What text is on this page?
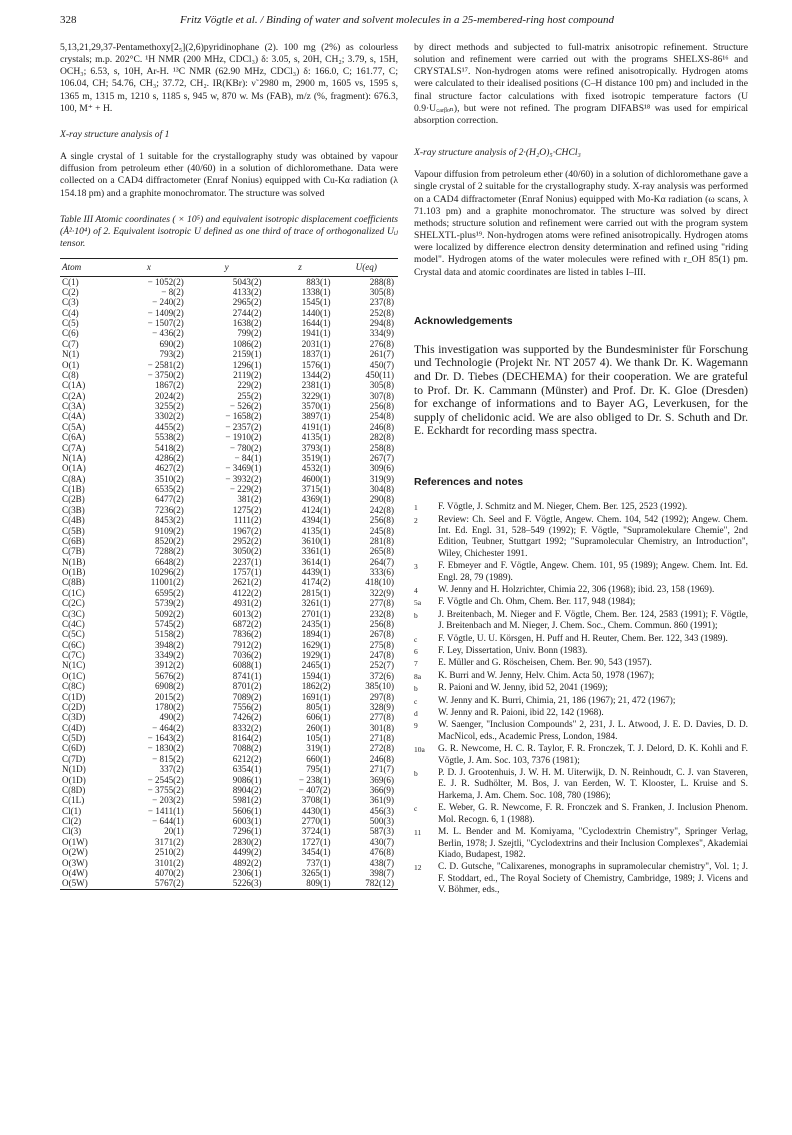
328	Fritz Vögtle et al. / Binding of water and solvent molecules in a 25-membered-ring host compound

5,13,21,29,37-Pentamethoxy[2₅](2,6)pyridinophane (2). 100 mg (2%) as colourless crystals; m.p. 202°C. ¹H NMR (200 MHz, CDCl₃) δ: 3.05, s, 20H, CH₂; 3.79, s, 15H, OCH₃; 6.53, s, 10H, Ar-H. ¹³C NMR (62.90 MHz, CDCl₃) δ: 166.0, C; 161.77, C; 106.04, CH; 54.76, CH₃; 37.72, CH₂. IR(KBr): ν̃ 2980 m, 2900 m, 1605 vs, 1595 s, 1365 m, 1315 m, 1210 s, 1185 s, 945 w, 870 w. Ms (FAB), m/z (%, fragment): 676.3, 100, M⁺ + H.

X-ray structure analysis of 1

A single crystal of 1 suitable for the crystallography study was obtained by vapour diffusion from petroleum ether (40/60) in a solution of dichloromethane. Data were collected on a CAD4 diffractometer (Enraf Nonius) equipped with Cu-Kα radiation (λ 154.18 pm) and a graphite monochromator. The structure was solved

Table III Atomic coordinates ( × 10⁵) and equivalent isotropic displacement coefficients (Å²·10⁴) of 2. Equivalent isotropic U defined as one third of trace of orthogonalized Uᵢⱼ tensor.

Atom	x	y	z	U(eq)
C(1)	− 1052(2)	5043(2)	883(1)	288(8)
C(2)	− 8(2)	4133(2)	1338(1)	305(8)
C(3)	− 240(2)	2965(2)	1545(1)	237(8)
C(4)	− 1409(2)	2744(2)	1440(1)	252(8)
C(5)	− 1507(2)	1638(2)	1644(1)	294(8)
C(6)	− 436(2)	799(2)	1941(1)	334(9)
C(7)	690(2)	1086(2)	2031(1)	276(8)
N(1)	793(2)	2159(1)	1837(1)	261(7)
O(1)	− 2581(2)	1296(1)	1576(1)	450(7)
C(8)	− 3750(2)	2119(2)	1344(2)	450(11)
C(1A)	1867(2)	229(2)	2381(1)	305(8)
C(2A)	2024(2)	255(2)	3229(1)	307(8)
C(3A)	3255(2)	− 526(2)	3570(1)	256(8)
C(4A)	3302(2)	− 1658(2)	3897(1)	254(8)
C(5A)	4455(2)	− 2357(2)	4191(1)	246(8)
C(6A)	5538(2)	− 1910(2)	4135(1)	282(8)
C(7A)	5418(2)	− 780(2)	3793(1)	258(8)
N(1A)	4286(2)	− 84(1)	3519(1)	267(7)
O(1A)	4627(2)	− 3469(1)	4532(1)	309(6)
C(8A)	3510(2)	− 3932(2)	4600(1)	319(9)
C(1B)	6535(2)	− 229(2)	3715(1)	304(8)
C(2B)	6477(2)	381(2)	4369(1)	290(8)
C(3B)	7236(2)	1275(2)	4124(1)	242(8)
C(4B)	8453(2)	1111(2)	4394(1)	256(8)
C(5B)	9109(2)	1967(2)	4135(1)	245(8)
C(6B)	8520(2)	2952(2)	3610(1)	281(8)
C(7B)	7288(2)	3050(2)	3361(1)	265(8)
N(1B)	6648(2)	2237(1)	3614(1)	264(7)
O(1B)	10296(2)	1757(1)	4439(1)	333(6)
C(8B)	11001(2)	2621(2)	4174(2)	418(10)
C(1C)	6595(2)	4122(2)	2815(1)	322(9)
C(2C)	5739(2)	4931(2)	3261(1)	277(8)
C(3C)	5092(2)	6013(2)	2701(1)	232(8)
C(4C)	5745(2)	6872(2)	2435(1)	256(8)
C(5C)	5158(2)	7836(2)	1894(1)	267(8)
C(6C)	3948(2)	7912(2)	1629(1)	275(8)
C(7C)	3349(2)	7036(2)	1929(1)	247(8)
N(1C)	3912(2)	6088(1)	2465(1)	252(7)
O(1C)	5676(2)	8741(1)	1594(1)	372(6)
C(8C)	6908(2)	8701(2)	1862(2)	385(10)
C(1D)	2015(2)	7089(2)	1691(1)	297(8)
C(2D)	1780(2)	7556(2)	805(1)	328(9)
C(3D)	490(2)	7426(2)	606(1)	277(8)
C(4D)	− 464(2)	8332(2)	260(1)	301(8)
C(5D)	− 1643(2)	8164(2)	105(1)	271(8)
C(6D)	− 1830(2)	7088(2)	319(1)	272(8)
C(7D)	− 815(2)	6212(2)	660(1)	246(8)
N(1D)	337(2)	6354(1)	795(1)	271(7)
O(1D)	− 2545(2)	9086(1)	− 238(1)	369(6)
C(8D)	− 3755(2)	8904(2)	− 407(2)	366(9)
C(1L)	− 203(2)	5981(2)	3708(1)	361(9)
Cl(1)	− 1411(1)	5606(1)	4430(1)	456(3)
Cl(2)	− 644(1)	6003(1)	2770(1)	500(3)
Cl(3)	20(1)	7296(1)	3724(1)	587(3)
O(1W)	3171(2)	2830(2)	1727(1)	430(7)
O(2W)	2510(2)	4499(2)	3454(1)	476(8)
O(3W)	3101(2)	4892(2)	737(1)	438(7)
O(4W)	4070(2)	2306(1)	3265(1)	398(7)
O(5W)	5767(2)	5226(3)	809(1)	782(12)

by direct methods and subjected to full-matrix anisotropic refinement. Structure solution and refinement were carried out with the programs SHELXS-86¹⁶ and CRYSTALS¹⁷. Non-hydrogen atoms were refined anisotropically. Hydrogen atoms were calculated to their idealised positions (C–H distance 100 pm) and included in the final structure factor calculations with fixed isotropic temperature factors (U 0.9·U꜀ₐᵣᵦₒₙ), but were not refined. The program DIFABS¹⁸ was used for empirical absorption correction.

X-ray structure analysis of 2·(H₂O)₅·CHCl₃

Vapour diffusion from petroleum ether (40/60) in a solution of dichloromethane gave a single crystal of 2 suitable for the crystallography study. X-ray analysis was performed on a CAD4 diffractometer (Enraf Nonius) equipped with Mo-Kα radiation (ω scans, λ 71.103 pm) and a graphite monochromator. The structure was solved by direct methods; structure solution and refinement were carried out with the program system SHELXTL-plus¹⁹. Non-hydrogen atoms were refined anisotropically. Hydrogen atoms were localized by difference electron density determination and refined using "riding model". Hydrogen atoms of the water molecules were refined with r_OH 85(1) pm. Crystal data and atomic coordinates are listed in tables I–III.

Acknowledgements

This investigation was supported by the Bundesminister für Forschung und Technologie (Projekt Nr. NT 2057 4). We thank Dr. K. Wagemann and Dr. D. Tiebes (DECHEMA) for their cooperation. We are grateful to Prof. Dr. K. Cammann (Münster) and Prof. Dr. K. Gloe (Dresden) for exchange of informations and to Bayer AG, Leverkusen, for the supply of chelidonic acid. We are also obliged to Dr. S. Schuth and Dr. E. Eckhardt for recording mass spectra.

References and notes

1 F. Vögtle, J. Schmitz and M. Nieger, Chem. Ber. 125, 2523 (1992).
2 Review: Ch. Seel and F. Vögtle, Angew. Chem. 104, 542 (1992); Angew. Chem. Int. Ed. Engl. 31, 528–549 (1992); F. Vögtle, "Supramolekulare Chemie", 2nd Edition, Teubner, Stuttgart 1992; "Supramolecular Chemistry, an Introduction", Wiley, Chichester 1991.
3 F. Ebmeyer and F. Vögtle, Angew. Chem. 101, 95 (1989); Angew. Chem. Int. Ed. Engl. 28, 79 (1989).
4 W. Jenny and H. Holzrichter, Chimia 22, 306 (1968); ibid. 23, 158 (1969).
5a F. Vögtle and Ch. Ohm, Chem. Ber. 117, 948 (1984);
b J. Breitenbach, M. Nieger and F. Vögtle, Chem. Ber. 124, 2583 (1991); F. Vögtle, J. Breitenbach and M. Nieger, J. Chem. Soc., Chem. Commun. 860 (1991);
c F. Vögtle, U. U. Körsgen, H. Puff and H. Reuter, Chem. Ber. 122, 343 (1989).
6 F. Ley, Dissertation, Univ. Bonn (1983).
7 E. Müller and G. Röscheisen, Chem. Ber. 90, 543 (1957).
8a K. Burri and W. Jenny, Helv. Chim. Acta 50, 1978 (1967);
b R. Paioni and W. Jenny, ibid 52, 2041 (1969);
c W. Jenny and K. Burri, Chimia, 21, 186 (1967); 21, 472 (1967);
d W. Jenny and R. Paioni, ibid 22, 142 (1968).
9 W. Saenger, "Inclusion Compounds" 2, 231, J. L. Atwood, J. E. D. Davies, D. D. MacNicol, eds., Academic Press, London, 1984.
10a G. R. Newcome, H. C. R. Taylor, F. R. Fronczek, T. J. Delord, D. K. Kohli and F. Vögtle, J. Am. Soc. 103, 7376 (1981);
b P. D. J. Grootenhuis, J. W. H. M. Uiterwijk, D. N. Reinhoudt, C. J. van Staveren, E. J. R. Sudhölter, M. Bos, J. van Eerden, W. T. Klooster, L. Kruise and S. Harkema, J. Am. Chem. Soc. 108, 780 (1986);
c E. Weber, G. R. Newcome, F. R. Fronczek and S. Franken, J. Inclusion Phenom. Mol. Recogn. 6, 1 (1988).
11 M. L. Bender and M. Komiyama, "Cyclodextrin Chemistry", Springer Verlag, Berlin, 1978; J. Szejtli, "Cyclodextrins and their Inclusion Complexes", Akademiai Kiado, Budapest, 1982.
12 C. D. Gutsche, "Calixarenes, monographs in supramolecular chemistry", Vol. 1; J. F. Stoddart, ed., The Royal Society of Chemistry, Cambridge, 1989; J. Vicens and V. Böhmer, eds.,
